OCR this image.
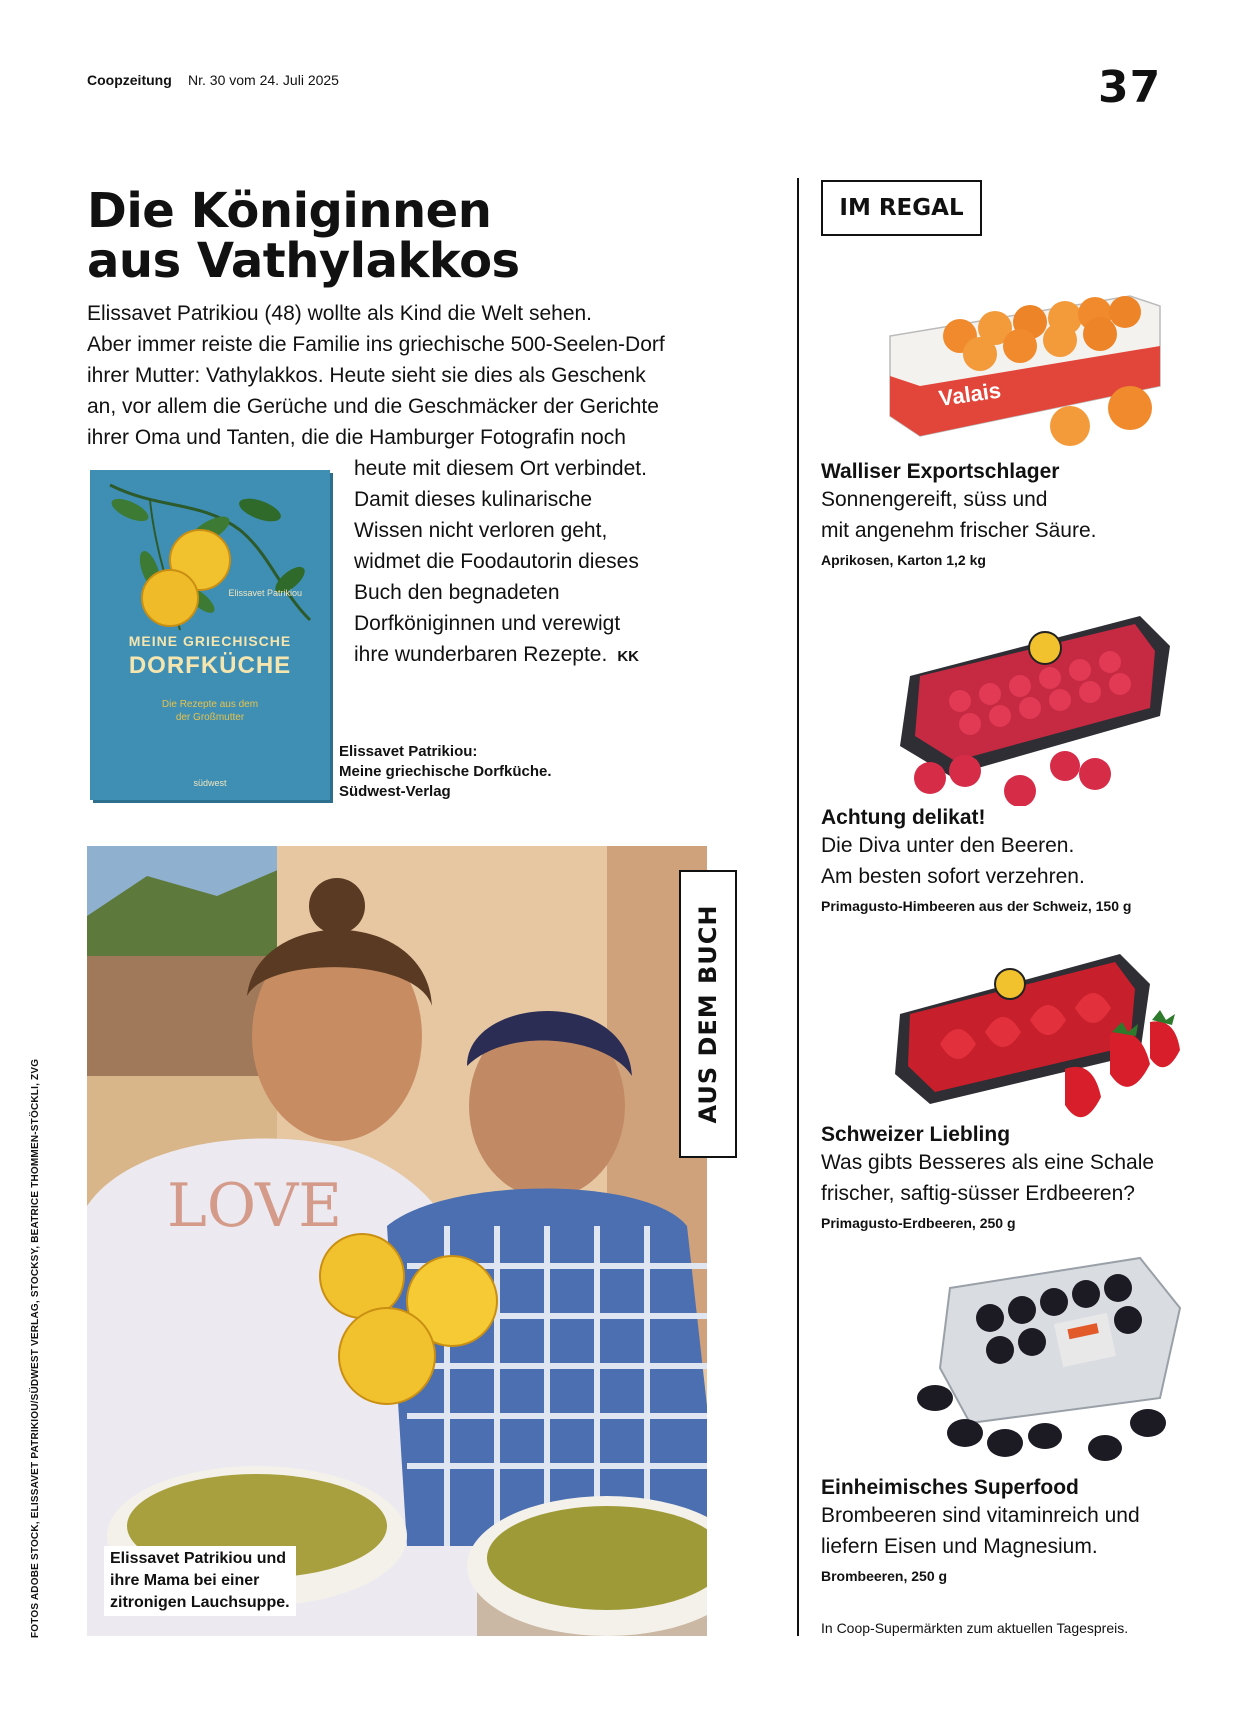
Coopzeitung Nr. 30 vom 24. Juli 2025	37
Die Königinnen
aus Vathylakkos
Elissavet Patrikiou (48) wollte als Kind die Welt sehen.
Aber immer reiste die Familie ins griechische 500-Seelen-Dorf
ihrer Mutter: Vathylakkos. Heute sieht sie dies als Geschenk
an, vor allem die Gerüche und die Geschmäcker der Gerichte
ihrer Oma und Tanten, die die Hamburger Fotografin noch
heute mit diesem Ort verbindet.
Damit dieses kulinarische
Wissen nicht verloren geht,
widmet die Foodautorin dieses
Buch den begnadeten
Dorfköniginnen und verewigt
ihre wunderbaren Rezepte. KK
Elissavet Patrikiou
MEINE GRIECHISCHE
DORFKÜCHE
Die Rezepte aus dem
der Großmutter
südwest
Elissavet Patrikiou:
Meine griechische Dorfküche.
Südwest-Verlag
LOVE
Elissavet Patrikiou und
ihre Mama bei einer
zitronigen Lauchsuppe.
AUS DEM BUCH
FOTOS ADOBE STOCK, ELISSAVET PATRIKIOU/SÜDWEST VERLAG, STOCKSY, BEATRICE THOMMEN-STÖCKLI, ZVG
IM REGAL
Valais
Walliser Exportschlager
Sonnengereift, süss und
mit angenehm frischer Säure.
Aprikosen, Karton 1,2 kg
Achtung delikat!
Die Diva unter den Beeren.
Am besten sofort verzehren.
Primagusto-Himbeeren aus der Schweiz, 150 g
Schweizer Liebling
Was gibts Besseres als eine Schale
frischer, saftig-süsser Erdbeeren?
Primagusto-Erdbeeren, 250 g
Einheimisches Superfood
Brombeeren sind vitaminreich und
liefern Eisen und Magnesium.
Brombeeren, 250 g
In Coop-Supermärkten zum aktuellen Tagespreis.
